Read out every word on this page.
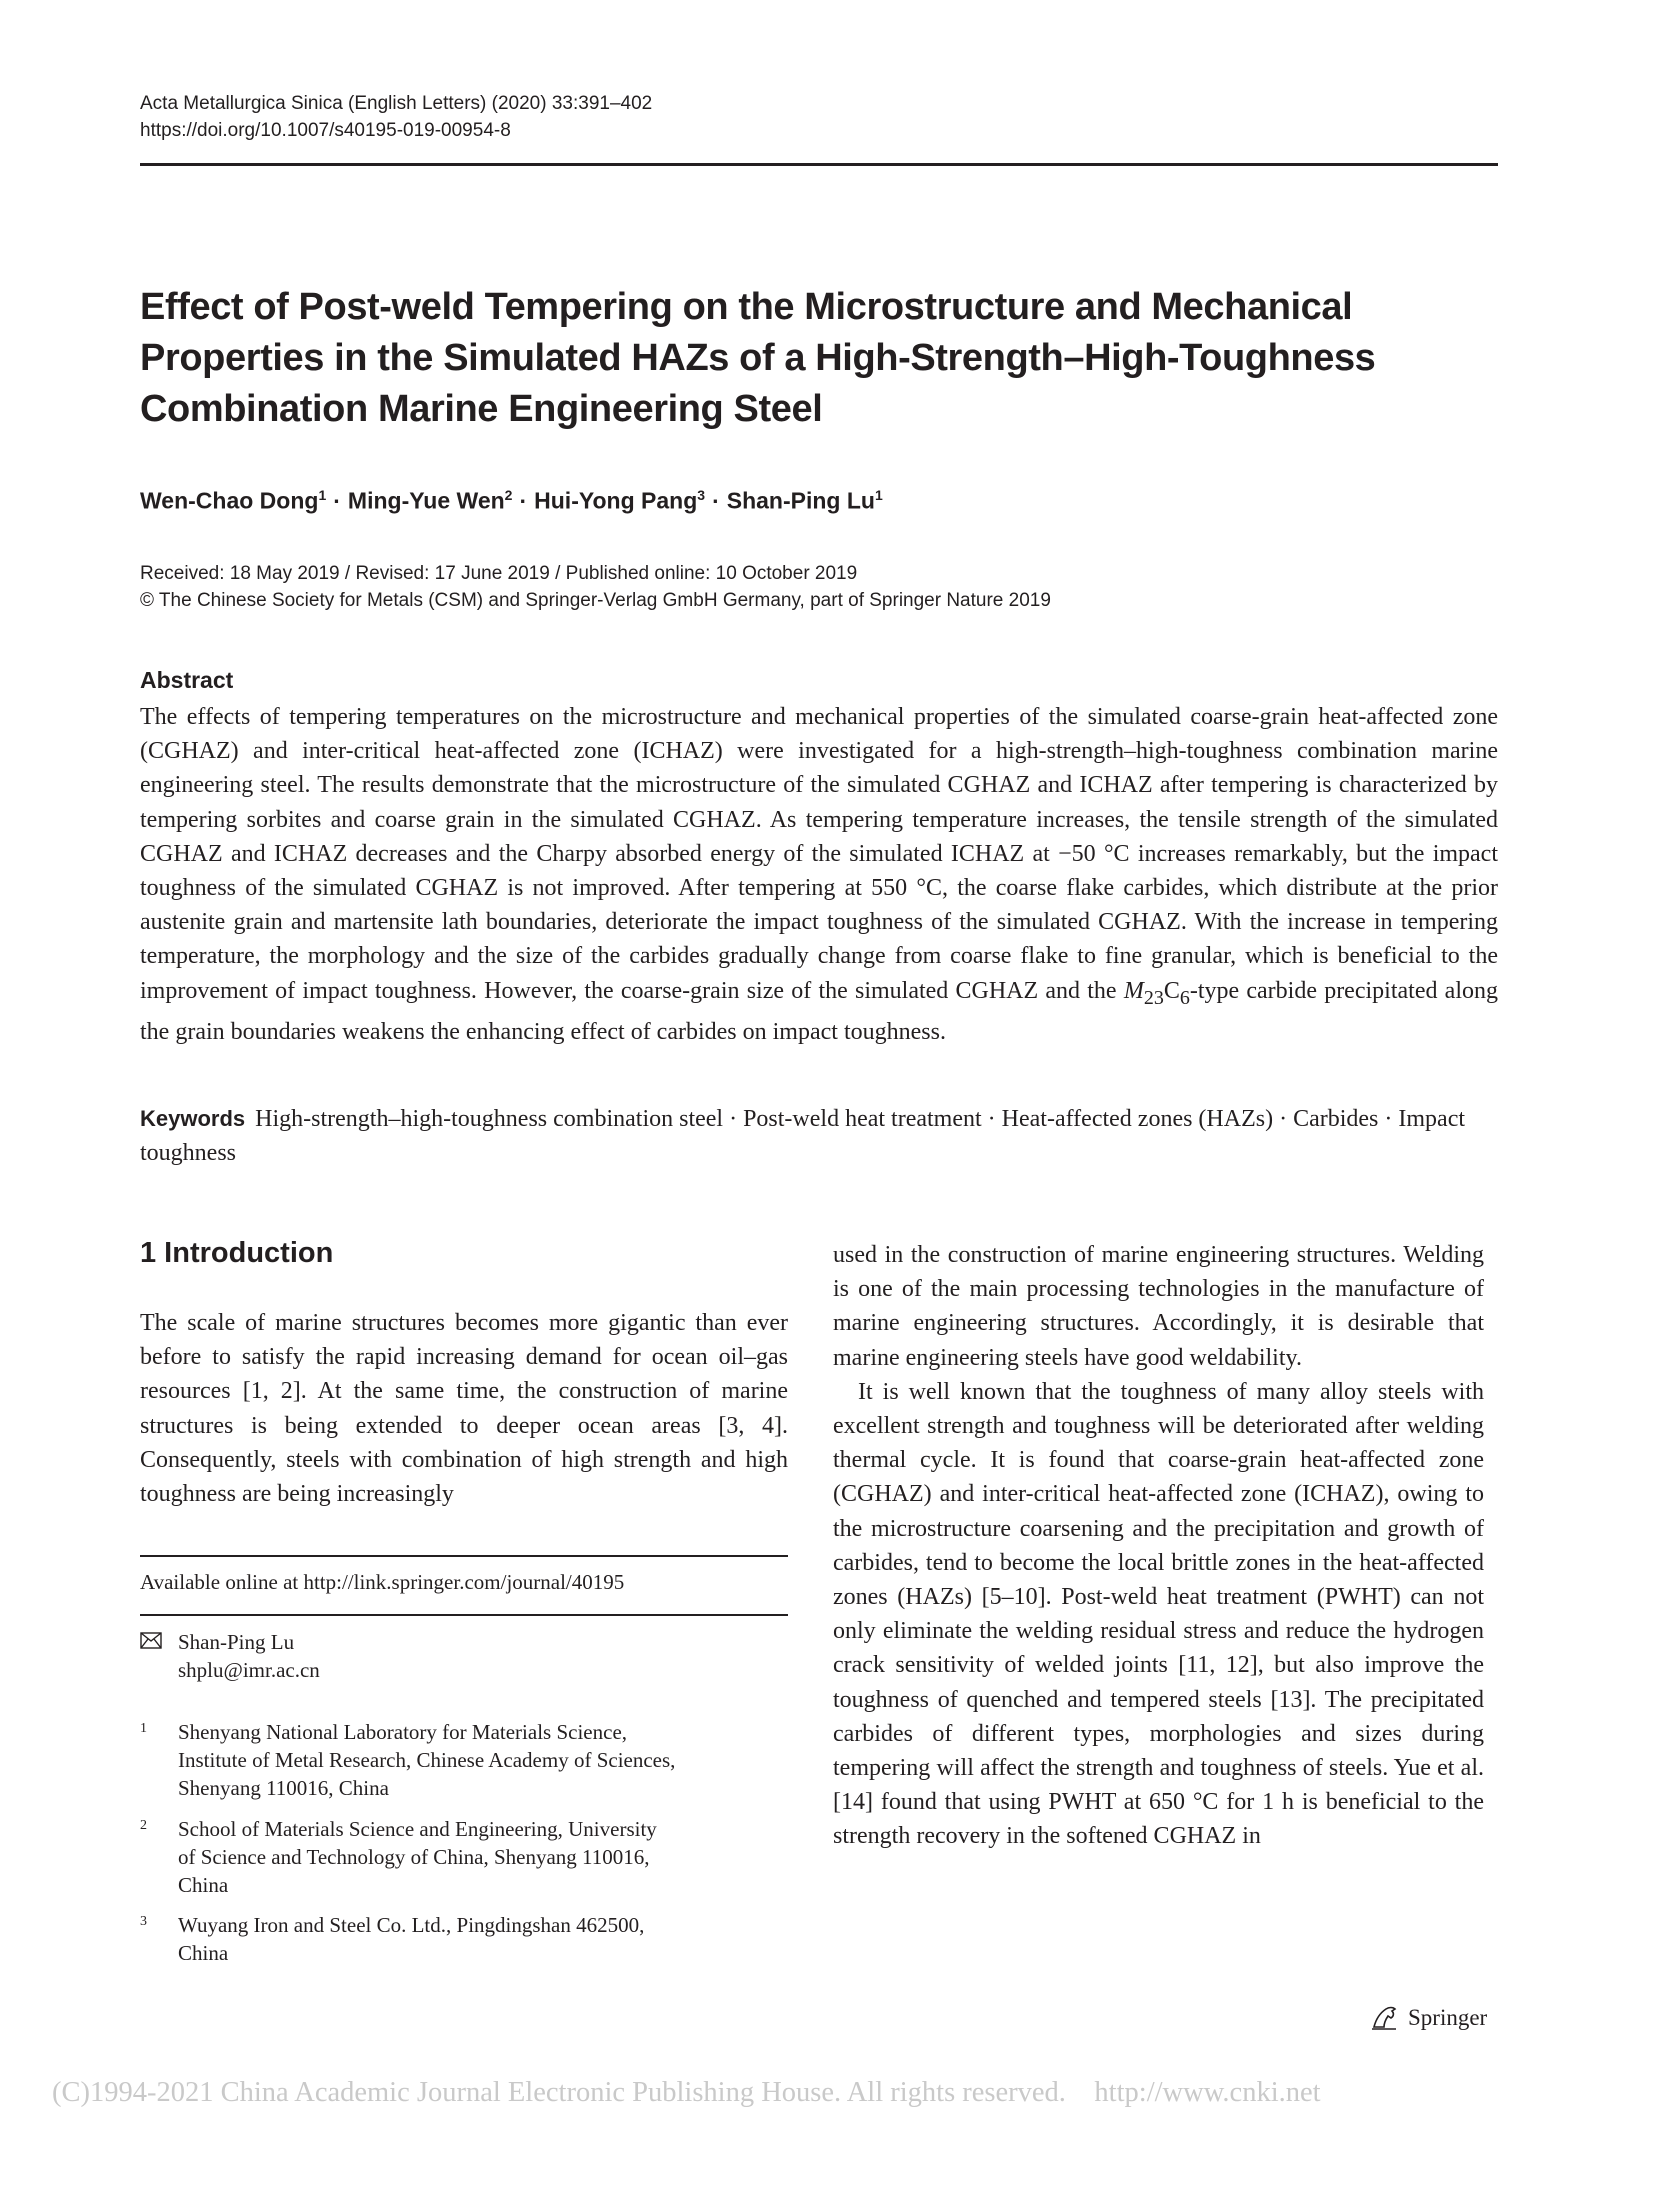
Acta Metallurgica Sinica (English Letters) (2020) 33:391–402
https://doi.org/10.1007/s40195-019-00954-8
Effect of Post-weld Tempering on the Microstructure and Mechanical
Properties in the Simulated HAZs of a High-Strength–High-Toughness
Combination Marine Engineering Steel
Wen-Chao Dong$^1$ · Ming-Yue Wen$^2$ · Hui-Yong Pang$^3$ · Shan-Ping Lu$^1$
Received: 18 May 2019 / Revised: 17 June 2019 / Published online: 10 October 2019
© The Chinese Society for Metals (CSM) and Springer-Verlag GmbH Germany, part of Springer Nature 2019
Abstract

The effects of tempering temperatures on the microstructure and mechanical properties of the simulated coarse-grain heat-affected zone (CGHAZ) and inter-critical heat-affected zone (ICHAZ) were investigated for a high-strength–high-toughness combination marine engineering steel. The results demonstrate that the microstructure of the simulated CGHAZ and ICHAZ after tempering is characterized by tempering sorbites and coarse grain in the simulated CGHAZ. As tempering temperature increases, the tensile strength of the simulated CGHAZ and ICHAZ decreases and the Charpy absorbed energy of the simulated ICHAZ at −50 °C increases remarkably, but the impact toughness of the simulated CGHAZ is not improved. After tempering at 550 °C, the coarse flake carbides, which distribute at the prior austenite grain and martensite lath boundaries, deteriorate the impact toughness of the simulated CGHAZ. With the increase in tempering temperature, the morphology and the size of the carbides gradually change from coarse flake to fine granular, which is beneficial to the improvement of impact toughness. However, the coarse-grain size of the simulated CGHAZ and the $M_{23}C_6$-type carbide precipitated along the grain boundaries weakens the enhancing effect of carbides on impact toughness.

Keywords High-strength–high-toughness combination steel · Post-weld heat treatment · Heat-affected zones (HAZs) · Carbides · Impact toughness
1 Introduction

The scale of marine structures becomes more gigantic than ever before to satisfy the rapid increasing demand for ocean oil–gas resources [1, 2]. At the same time, the construction of marine structures is being extended to deeper ocean areas [3, 4]. Consequently, steels with combination of high strength and high toughness are being increasingly

used in the construction of marine engineering structures. Welding is one of the main processing technologies in the manufacture of marine engineering structures. Accordingly, it is desirable that marine engineering steels have good weldability.

It is well known that the toughness of many alloy steels with excellent strength and toughness will be deteriorated after welding thermal cycle. It is found that coarse-grain heat-affected zone (CGHAZ) and inter-critical heat-affected zone (ICHAZ), owing to the microstructure coarsening and the precipitation and growth of carbides, tend to become the local brittle zones in the heat-affected zones (HAZs) [5–10]. Post-weld heat treatment (PWHT) can not only eliminate the welding residual stress and reduce the hydrogen crack sensitivity of welded joints [11, 12], but also improve the toughness of quenched and tempered steels [13]. The precipitated carbides of different types, morphologies and sizes during tempering will affect the strength and toughness of steels. Yue et al. [14] found that using PWHT at 650 °C for 1 h is beneficial to the strength recovery in the softened CGHAZ in

Available online at http://link.springer.com/journal/40195
Shan-Ping Lu
shplu@imr.ac.cn
1 Shenyang National Laboratory for Materials Science,
Institute of Metal Research, Chinese Academy of Sciences,
Shenyang 110016, China
2 School of Materials Science and Engineering, University
of Science and Technology of China, Shenyang 110016,
China
3 Wuyang Iron and Steel Co. Ltd., Pingdingshan 462500,
China
Springer
(C)1994-2021 China Academic Journal Electronic Publishing House. All rights reserved.    http://www.cnki.net
